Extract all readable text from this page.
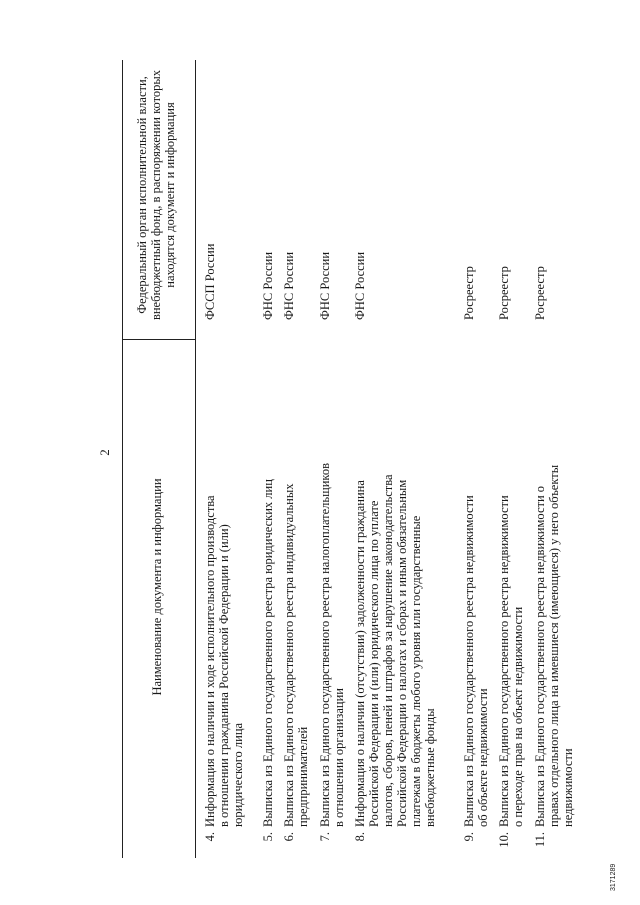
2
Наименование документа и информации
Федеральный орган исполнительной власти, внебюджетный фонд, в распоряжении которых находятся документ и информация
4.
Информация о наличии и ходе исполнительного производства в отношении гражданина Российской Федерации и (или) юридического лица
ФССП России
5.
Выписка из Единого государственного реестра юридических лиц
ФНС России
6.
Выписка из Единого государственного реестра индивидуальных предпринимателей
ФНС России
7.
Выписка из Единого государственного реестра налогоплательщиков в отношении организации
ФНС России
8.
Информация о наличии (отсутствии) задолженности гражданина Российской Федерации и (или) юридического лица по уплате налогов, сборов, пеней и штрафов за нарушение законодательства Российской Федерации о налогах и сборах и иным обязательным платежам в бюджеты любого уровня или государственные внебюджетные фонды
ФНС России
9.
Выписка из Единого государственного реестра недвижимости об объекте недвижимости
Росреестр
10.
Выписка из Единого государственного реестра недвижимости о переходе прав на объект недвижимости
Росреестр
11.
Выписка из Единого государственного реестра недвижимости о правах отдельного лица на имевшиеся (имеющиеся) у него объекты недвижимости
Росреестр
3171289
